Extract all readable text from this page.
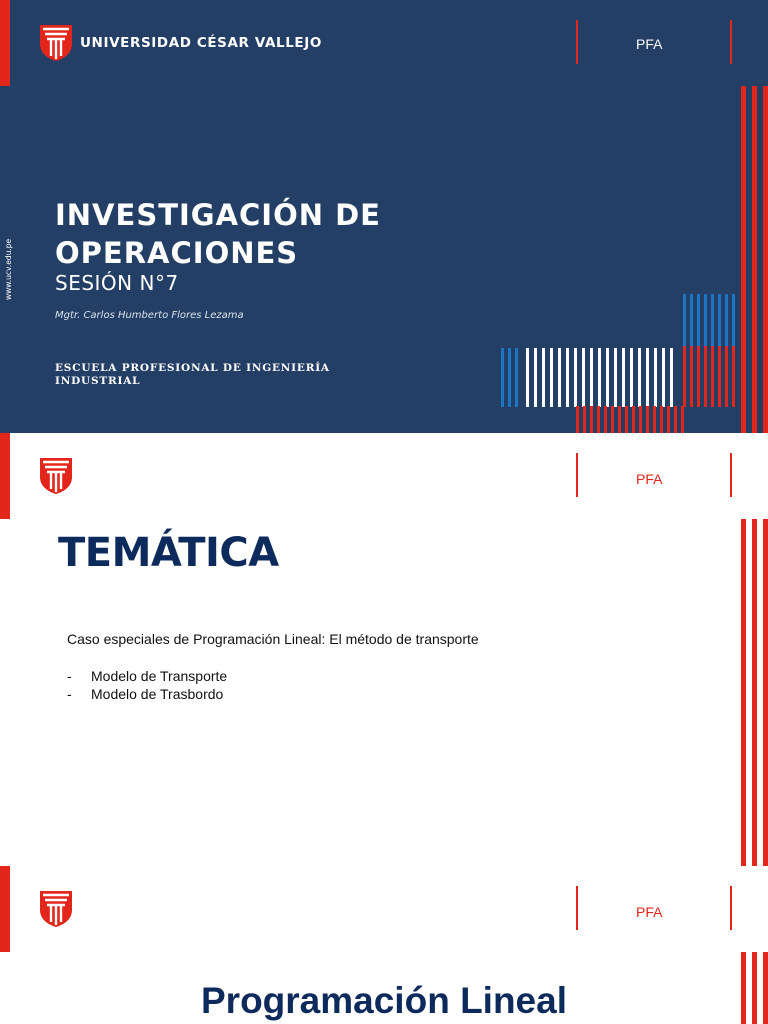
UNIVERSIDAD CÉSAR VALLEJO	PFA
www.ucv.edu.pe
INVESTIGACIÓN DE
OPERACIONES
SESIÓN N°7
Mgtr. Carlos Humberto Flores Lezama
ESCUELA PROFESIONAL DE INGENIERÍA
INDUSTRIAL
PFA
TEMÁTICA
Caso especiales de Programación Lineal: El método de transporte
-	Modelo de Transporte
-	Modelo de Trasbordo
PFA
Programación Lineal
